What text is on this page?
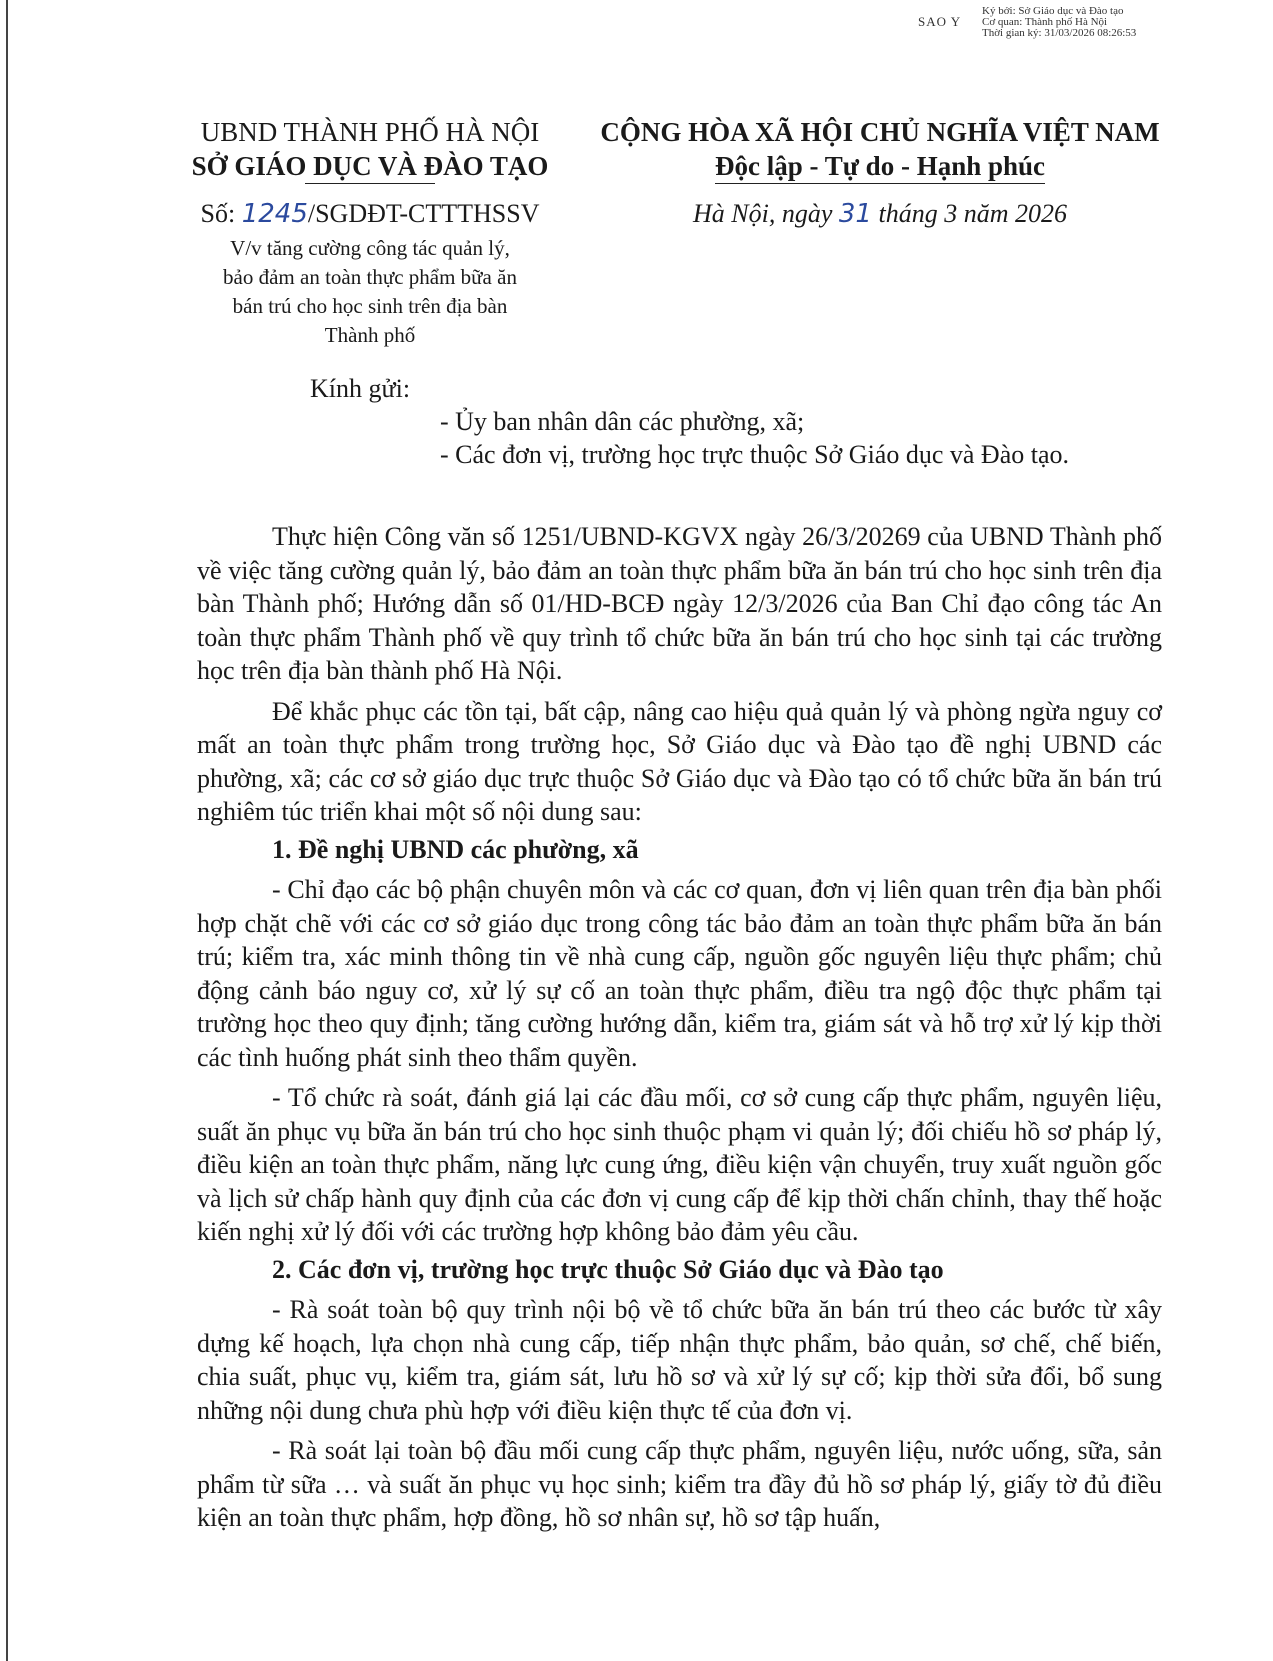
SAO Y
Ký bởi: Sở Giáo dục và Đào tạo
Cơ quan: Thành phố Hà Nội
Thời gian ký: 31/03/2026 08:26:53
UBND THÀNH PHỐ HÀ NỘI
SỞ GIÁO DỤC VÀ ĐÀO TẠO
Số: 1245/SGDĐT-CTTTHSSV
V/v tăng cường công tác quản lý,
bảo đảm an toàn thực phẩm bữa ăn
bán trú cho học sinh trên địa bàn
Thành phố
CỘNG HÒA XÃ HỘI CHỦ NGHĨA VIỆT NAM
Độc lập - Tự do - Hạnh phúc
Hà Nội, ngày 31 tháng 3 năm 2026
Kính gửi:
- Ủy ban nhân dân các phường, xã;
- Các đơn vị, trường học trực thuộc Sở Giáo dục và Đào tạo.

Thực hiện Công văn số 1251/UBND-KGVX ngày 26/3/20269 của UBND Thành phố về việc tăng cường quản lý, bảo đảm an toàn thực phẩm bữa ăn bán trú cho học sinh trên địa bàn Thành phố; Hướng dẫn số 01/HD-BCĐ ngày 12/3/2026 của Ban Chỉ đạo công tác An toàn thực phẩm Thành phố về quy trình tổ chức bữa ăn bán trú cho học sinh tại các trường học trên địa bàn thành phố Hà Nội.

Để khắc phục các tồn tại, bất cập, nâng cao hiệu quả quản lý và phòng ngừa nguy cơ mất an toàn thực phẩm trong trường học, Sở Giáo dục và Đào tạo đề nghị UBND các phường, xã; các cơ sở giáo dục trực thuộc Sở Giáo dục và Đào tạo có tổ chức bữa ăn bán trú nghiêm túc triển khai một số nội dung sau:

1. Đề nghị UBND các phường, xã

- Chỉ đạo các bộ phận chuyên môn và các cơ quan, đơn vị liên quan trên địa bàn phối hợp chặt chẽ với các cơ sở giáo dục trong công tác bảo đảm an toàn thực phẩm bữa ăn bán trú; kiểm tra, xác minh thông tin về nhà cung cấp, nguồn gốc nguyên liệu thực phẩm; chủ động cảnh báo nguy cơ, xử lý sự cố an toàn thực phẩm, điều tra ngộ độc thực phẩm tại trường học theo quy định; tăng cường hướng dẫn, kiểm tra, giám sát và hỗ trợ xử lý kịp thời các tình huống phát sinh theo thẩm quyền.

- Tổ chức rà soát, đánh giá lại các đầu mối, cơ sở cung cấp thực phẩm, nguyên liệu, suất ăn phục vụ bữa ăn bán trú cho học sinh thuộc phạm vi quản lý; đối chiếu hồ sơ pháp lý, điều kiện an toàn thực phẩm, năng lực cung ứng, điều kiện vận chuyển, truy xuất nguồn gốc và lịch sử chấp hành quy định của các đơn vị cung cấp để kịp thời chấn chỉnh, thay thế hoặc kiến nghị xử lý đối với các trường hợp không bảo đảm yêu cầu.

2. Các đơn vị, trường học trực thuộc Sở Giáo dục và Đào tạo

- Rà soát toàn bộ quy trình nội bộ về tổ chức bữa ăn bán trú theo các bước từ xây dựng kế hoạch, lựa chọn nhà cung cấp, tiếp nhận thực phẩm, bảo quản, sơ chế, chế biến, chia suất, phục vụ, kiểm tra, giám sát, lưu hồ sơ và xử lý sự cố; kịp thời sửa đổi, bổ sung những nội dung chưa phù hợp với điều kiện thực tế của đơn vị.

- Rà soát lại toàn bộ đầu mối cung cấp thực phẩm, nguyên liệu, nước uống, sữa, sản phẩm từ sữa … và suất ăn phục vụ học sinh; kiểm tra đầy đủ hồ sơ pháp lý, giấy tờ đủ điều kiện an toàn thực phẩm, hợp đồng, hồ sơ nhân sự, hồ sơ tập huấn,
